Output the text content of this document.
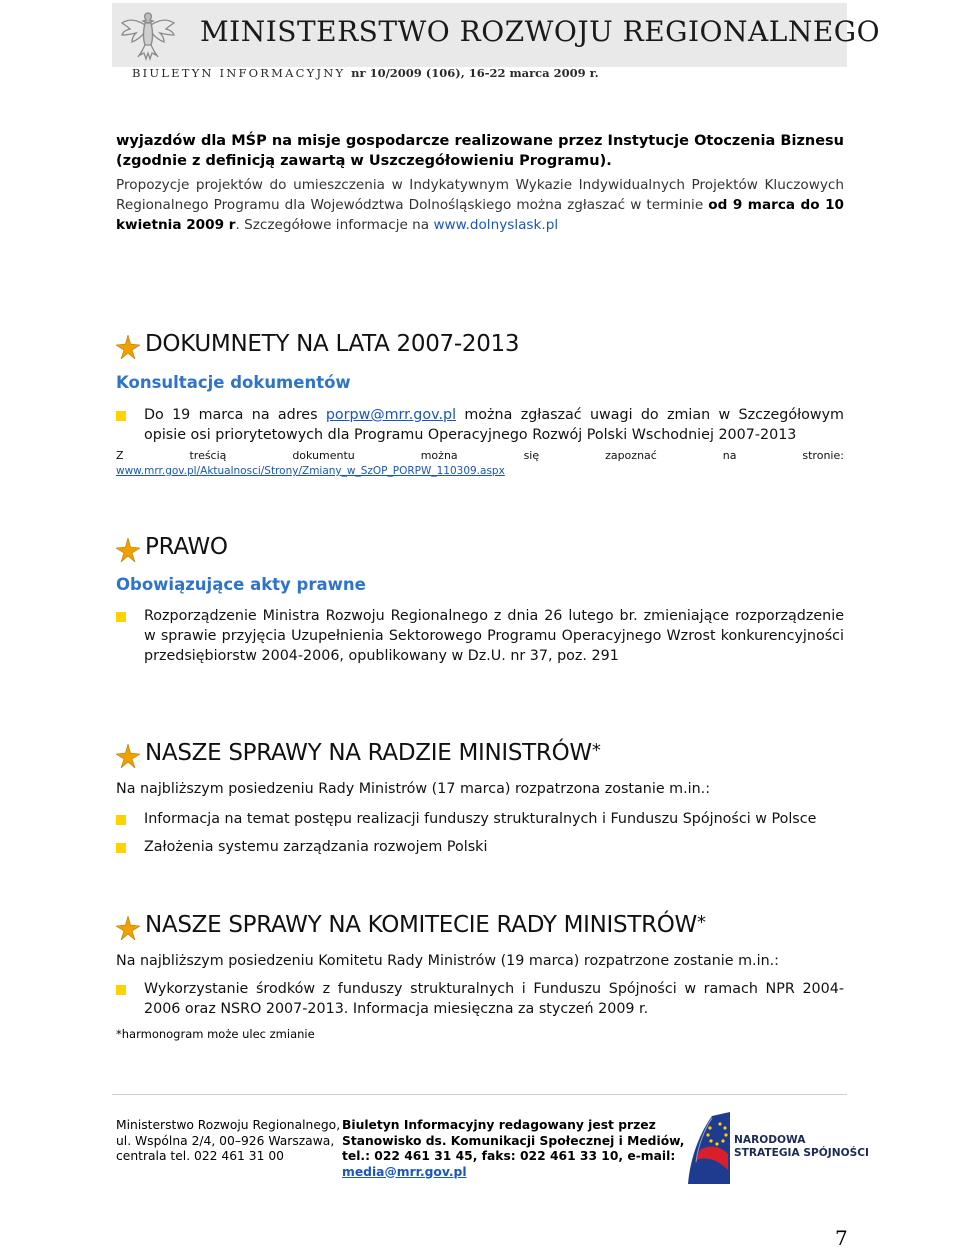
MINISTERSTWO ROZWOJU REGIONALNEGO
BIULETYN INFORMACYJNY nr 10/2009 (106), 16-22 marca 2009 r.
wyjazdów dla MŚP na misje gospodarcze realizowane przez Instytucje Otoczenia Biznesu (zgodnie z definicją zawartą w Uszczegółowieniu Programu).
Propozycje projektów do umieszczenia w Indykatywnym Wykazie Indywidualnych Projektów Kluczowych Regionalnego Programu dla Województwa Dolnośląskiego można zgłaszać w terminie od 9 marca do 10 kwietnia 2009 r. Szczegółowe informacje na www.dolnyslask.pl
DOKUMNETY NA LATA 2007-2013
Konsultacje dokumentów
Do 19 marca na adres porpw@mrr.gov.pl można zgłaszać uwagi do zmian w Szczegółowym opisie osi priorytetowych dla Programu Operacyjnego Rozwój Polski Wschodniej 2007-2013
Z	treścią	dokumentu	można	się	zapoznać	na	stronie:
www.mrr.gov.pl/Aktualnosci/Strony/Zmiany_w_SzOP_PORPW_110309.aspx
PRAWO
Obowiązujące akty prawne
Rozporządzenie Ministra Rozwoju Regionalnego z dnia 26 lutego br. zmieniające rozporządzenie w sprawie przyjęcia Uzupełnienia Sektorowego Programu Operacyjnego Wzrost konkurencyjności przedsiębiorstw 2004-2006, opublikowany w Dz.U. nr 37, poz. 291
NASZE SPRAWY NA RADZIE MINISTRÓW*
Na najbliższym posiedzeniu Rady Ministrów (17 marca) rozpatrzona zostanie m.in.:
Informacja na temat postępu realizacji funduszy strukturalnych i Funduszu Spójności w Polsce
Założenia systemu zarządzania rozwojem Polski
NASZE SPRAWY NA KOMITECIE RADY MINISTRÓW*
Na najbliższym posiedzeniu Komitetu Rady Ministrów (19 marca) rozpatrzone zostanie m.in.:
Wykorzystanie środków z funduszy strukturalnych i Funduszu Spójności w ramach NPR 2004-2006 oraz NSRO 2007-2013. Informacja miesięczna za styczeń 2009 r.
*harmonogram może ulec zmianie
Ministerstwo Rozwoju Regionalnego,
ul. Wspólna 2/4, 00–926 Warszawa,
centrala tel. 022 461 31 00
Biuletyn Informacyjny redagowany jest przez
Stanowisko ds. Komunikacji Społecznej i Mediów,
tel.: 022 461 31 45, faks: 022 461 33 10, e-mail:
media@mrr.gov.pl
NARODOWA
STRATEGIA SPÓJNOŚCI
7
